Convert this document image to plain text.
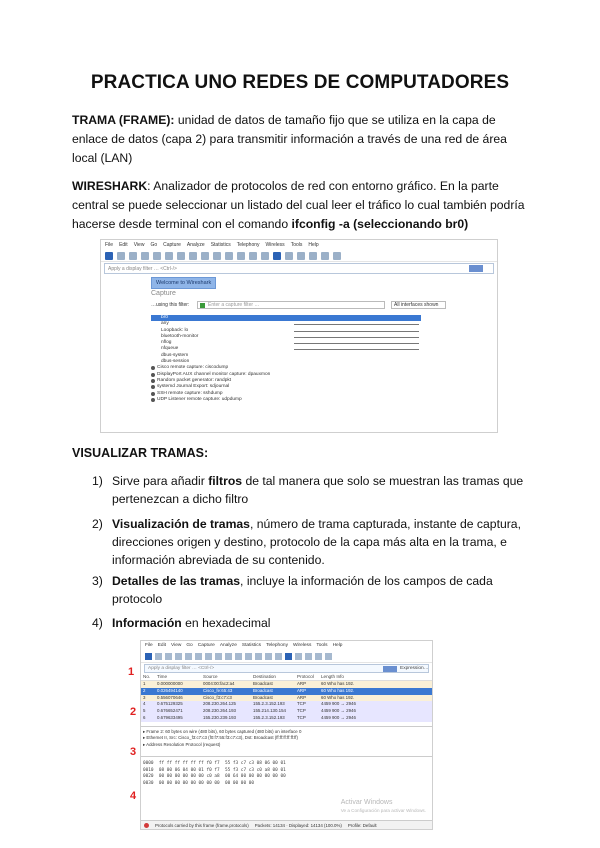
PRACTICA UNO REDES DE COMPUTADORES
TRAMA (FRAME): unidad de datos de tamaño fijo que se utiliza en la capa de enlace de datos (capa 2) para transmitir información a través de una red de área local (LAN)
WIRESHARK: Analizador de protocolos de red con entorno gráfico. En la parte central se puede seleccionar un listado del cual leer el tráfico lo cual también podría hacerse desde terminal con el comando ifconfig -a (seleccionando br0)
File Edit View Go Capture Analyze Statistics Telephony Wireless Tools Help
Apply a display filter … <Ctrl-/>
Welcome to Wireshark
Capture
…using this filter:	Enter a capture filter …	All interfaces shown
br0
any
Loopback: lo
bluetooth-monitor
nflog
nfqueue
dbus-system
dbus-session
Cisco remote capture: ciscodump
DisplayPort AUX channel monitor capture: dpauxmon
Random packet generator: randpkt
systemd Journal Export: sdjournal
SSH remote capture: sshdump
UDP Listener remote capture: udpdump
VISUALIZAR TRAMAS:
1) Sirve para añadir filtros de tal manera que solo se muestran las tramas que pertenezcan a dicho filtro
2) Visualización de tramas, número de trama capturada, instante de captura, direcciones origen y destino, protocolo de la capa más alta en la trama, e información abreviada de su contenido.
3) Detalles de las tramas, incluye la información de los campos de cada protocolo
4) Información en hexadecimal
1
2
3
4
File Edit View Go Capture Analyze Statistics Telephony Wireless Tools Help
Apply a display filter … <Ctrl-/>	Expression…
No.	Time	Source	Destination	Protocol	Length Info
1	0.000000000	0004:00:fac2:a4	Broadcast	ARP	60 Who has 192.
2	0.026494140	Cisco_fe:65:43	Broadcast	ARP	60 Who has 192.
3	0.556070646	Cisco_f3:c7:c3	Broadcast	ARP	60 Who has 192.
4	0.675129325	208.230.264.125	155.2.3.152.193	TCP	4459 900 → 2946
5	0.676652471	208.230.264.193	155.214.130.154	TCP	4459 900 → 2946
6	0.679633495	155.230.239.193	155.2.3.152.193	TCP	4459 900 → 2946
▸ Frame 2: 60 bytes on wire (480 bits), 60 bytes captured (480 bits) on interface 0
▸ Ethernet II, Src: Cisco_f3:c7:c3 (f0:f7:55:f3:c7:c3), Dst: Broadcast (ff:ff:ff:ff:ff:ff)
▸ Address Resolution Protocol (request)
0000  ff ff ff ff ff ff f0 f7  55 f3 c7 c3 08 06 00 01
0010  08 00 06 04 00 01 f0 f7  55 f3 c7 c3 c0 a8 00 01
0020  00 00 00 00 00 00 c0 a8  00 64 00 00 00 00 00 00
0030  00 00 00 00 00 00 00 00  00 00 00 00
Activar Windows
Ve a Configuración para activar Windows.
Protocols carried by this frame (frame.protocols) Packets: 14134 · Displayed: 14134 (100.0%) Profile: Default
